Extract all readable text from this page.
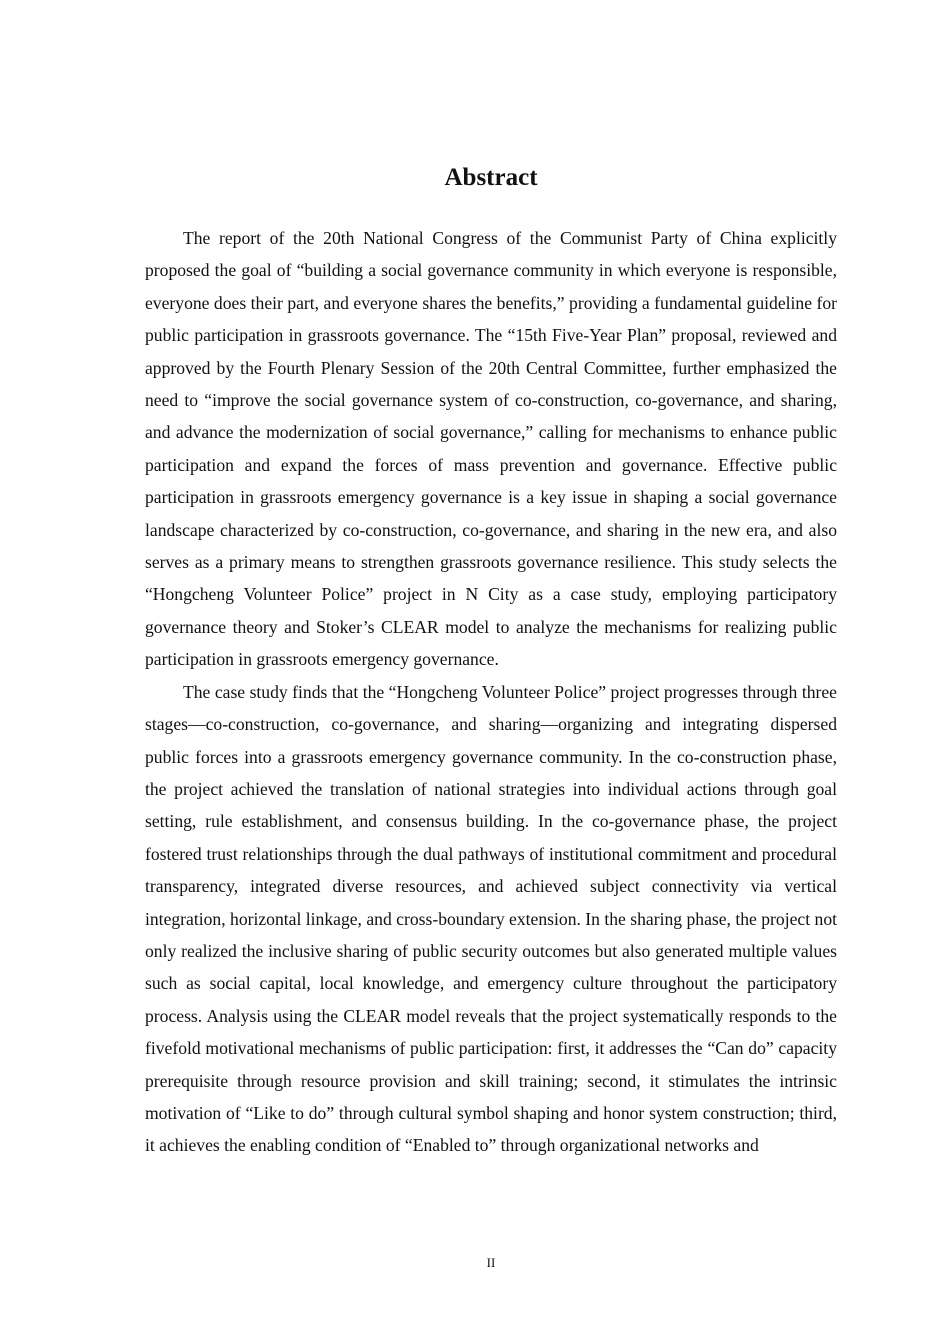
Abstract

The report of the 20th National Congress of the Communist Party of China explicitly proposed the goal of “building a social governance community in which everyone is responsible, everyone does their part, and everyone shares the benefits,” providing a fundamental guideline for public participation in grassroots governance. The “15th Five-Year Plan” proposal, reviewed and approved by the Fourth Plenary Session of the 20th Central Committee, further emphasized the need to “improve the social governance system of co-construction, co-governance, and sharing, and advance the modernization of social governance,” calling for mechanisms to enhance public participation and expand the forces of mass prevention and governance. Effective public participation in grassroots emergency governance is a key issue in shaping a social governance landscape characterized by co-construction, co-governance, and sharing in the new era, and also serves as a primary means to strengthen grassroots governance resilience. This study selects the “Hongcheng Volunteer Police” project in N City as a case study, employing participatory governance theory and Stoker’s CLEAR model to analyze the mechanisms for realizing public participation in grassroots emergency governance.

The case study finds that the “Hongcheng Volunteer Police” project progresses through three stages—co-construction, co-governance, and sharing—organizing and integrating dispersed public forces into a grassroots emergency governance community. In the co-construction phase, the project achieved the translation of national strategies into individual actions through goal setting, rule establishment, and consensus building. In the co-governance phase, the project fostered trust relationships through the dual pathways of institutional commitment and procedural transparency, integrated diverse resources, and achieved subject connectivity via vertical integration, horizontal linkage, and cross-boundary extension. In the sharing phase, the project not only realized the inclusive sharing of public security outcomes but also generated multiple values such as social capital, local knowledge, and emergency culture throughout the participatory process. Analysis using the CLEAR model reveals that the project systematically responds to the fivefold motivational mechanisms of public participation: first, it addresses the “Can do” capacity prerequisite through resource provision and skill training; second, it stimulates the intrinsic motivation of “Like to do” through cultural symbol shaping and honor system construction; third, it achieves the enabling condition of “Enabled to” through organizational networks and

II
